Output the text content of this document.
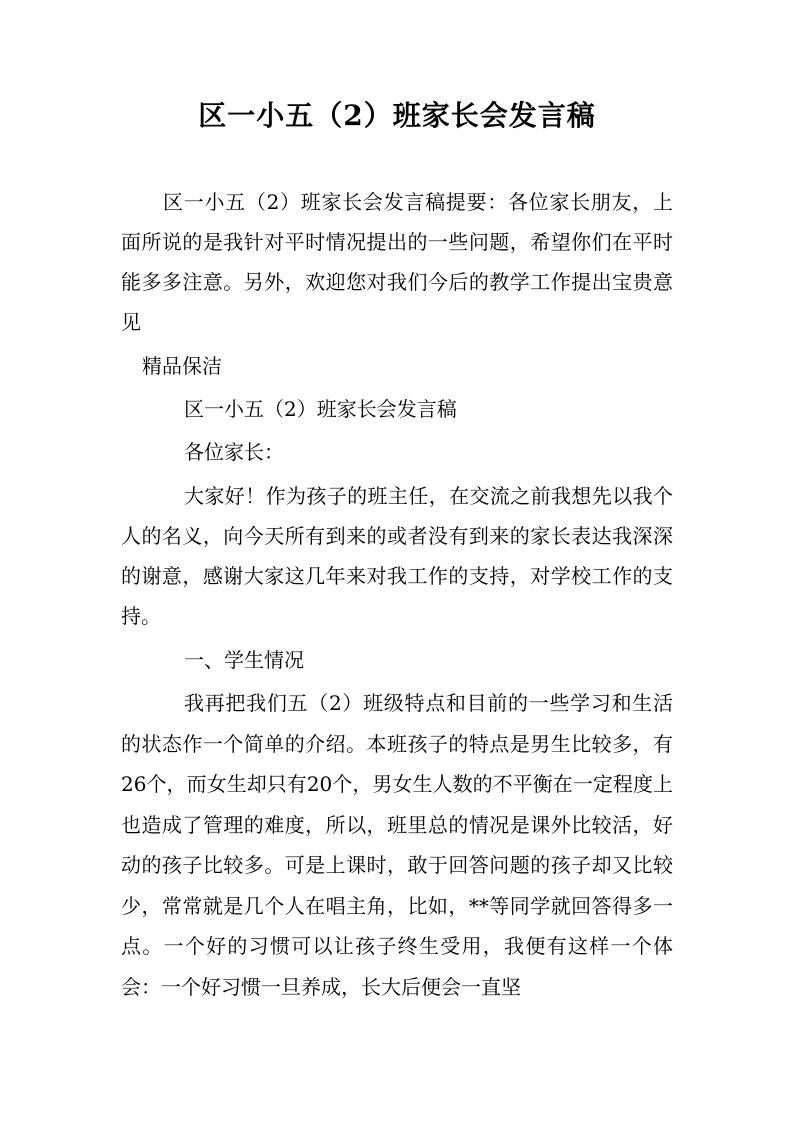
区一小五（2）班家长会发言稿

区一小五（2）班家长会发言稿提要：各位家长朋友，上面所说的是我针对平时情况提出的一些问题，希望你们在平时能多多注意。另外，欢迎您对我们今后的教学工作提出宝贵意见

精品保洁
区一小五（2）班家长会发言稿
各位家长：

大家好！作为孩子的班主任，在交流之前我想先以我个人的名义，向今天所有到来的或者没有到来的家长表达我深深的谢意，感谢大家这几年来对我工作的支持，对学校工作的支持。

一、学生情况

我再把我们五（2）班级特点和目前的一些学习和生活的状态作一个简单的介绍。本班孩子的特点是男生比较多，有26个，而女生却只有20个，男女生人数的不平衡在一定程度上也造成了管理的难度，所以，班里总的情况是课外比较活，好动的孩子比较多。可是上课时，敢于回答问题的孩子却又比较少，常常就是几个人在唱主角，比如，**等同学就回答得多一点。一个好的习惯可以让孩子终生受用，我便有这样一个体会：一个好习惯一旦养成，长大后便会一直坚
